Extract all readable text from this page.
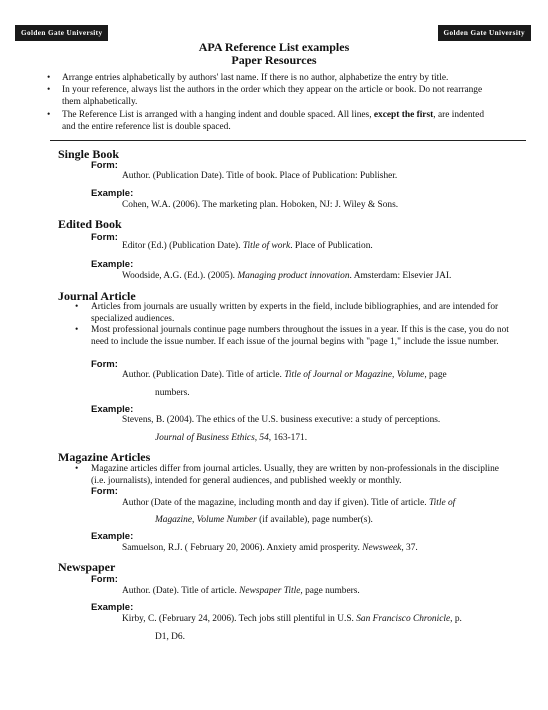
Golden Gate University	Golden Gate University
APA Reference List examples
Paper Resources

• Arrange entries alphabetically by authors' last name. If there is no author, alphabetize the entry by title.

• In your reference, always list the authors in the order which they appear on the article or book. Do not rearrange them alphabetically.

• The Reference List is arranged with a hanging indent and double spaced. All lines, except the first, are indented and the entire reference list is double spaced.

Single Book
Form:
Author. (Publication Date). Title of book. Place of Publication: Publisher.
Example:
Cohen, W.A. (2006). The marketing plan. Hoboken, NJ: J. Wiley & Sons.
Edited Book
Form:
Editor (Ed.) (Publication Date). Title of work. Place of Publication.
Example:
Woodside, A.G. (Ed.). (2005). Managing product innovation. Amsterdam: Elsevier JAI.
Journal Article

• Articles from journals are usually written by experts in the field, include bibliographies, and are intended for specialized audiences.

• Most professional journals continue page numbers throughout the issues in a year. If this is the case, you do not need to include the issue number. If each issue of the journal begins with "page 1," include the issue number.

Form:
Author. (Publication Date). Title of article. Title of Journal or Magazine, Volume, page
numbers.
Example:
Stevens, B. (2004). The ethics of the U.S. business executive: a study of perceptions.
Journal of Business Ethics, 54, 163-171.
Magazine Articles

• Magazine articles differ from journal articles. Usually, they are written by non-professionals in the discipline (i.e. journalists), intended for general audiences, and published weekly or monthly.

Form:
Author (Date of the magazine, including month and day if given). Title of article. Title of
Magazine, Volume Number (if available), page number(s).
Example:
Samuelson, R.J. ( February 20, 2006). Anxiety amid prosperity. Newsweek, 37.
Newspaper
Form:
Author. (Date). Title of article. Newspaper Title, page numbers.
Example:
Kirby, C. (February 24, 2006). Tech jobs still plentiful in U.S. San Francisco Chronicle, p.
D1, D6.
